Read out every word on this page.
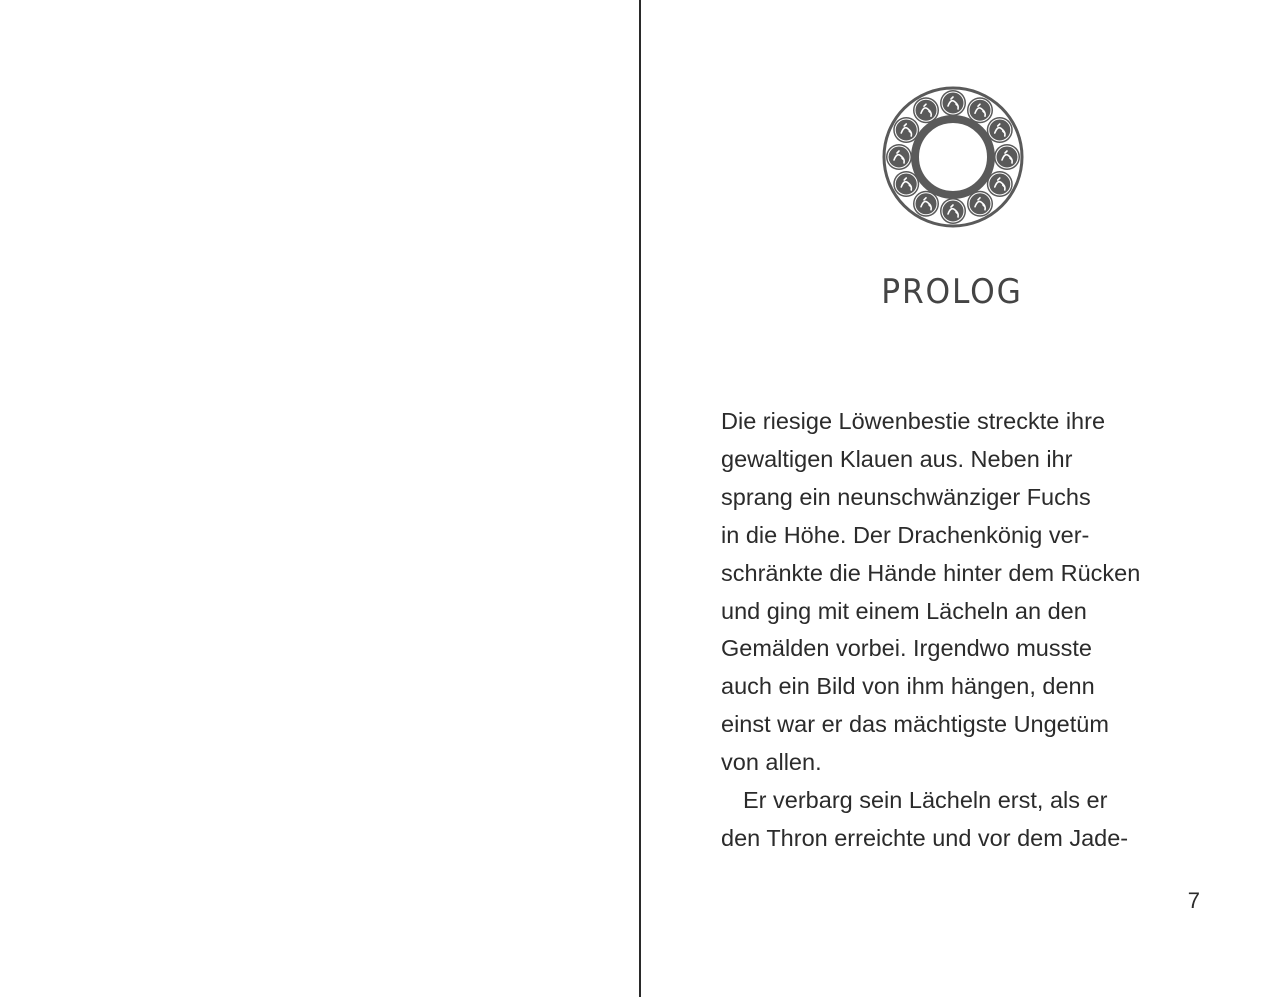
PROLOG
Die riesige Löwenbestie streckte ihre
gewaltigen Klauen aus. Neben ihr
sprang ein neunschwänziger Fuchs
in die Höhe. Der Drachenkönig ver-
schränkte die Hände hinter dem Rücken
und ging mit einem Lächeln an den
Gemälden vorbei. Irgendwo musste
auch ein Bild von ihm hängen, denn
einst war er das mächtigste Ungetüm
von allen.
Er verbarg sein Lächeln erst, als er
den Thron erreichte und vor dem Jade-
7
